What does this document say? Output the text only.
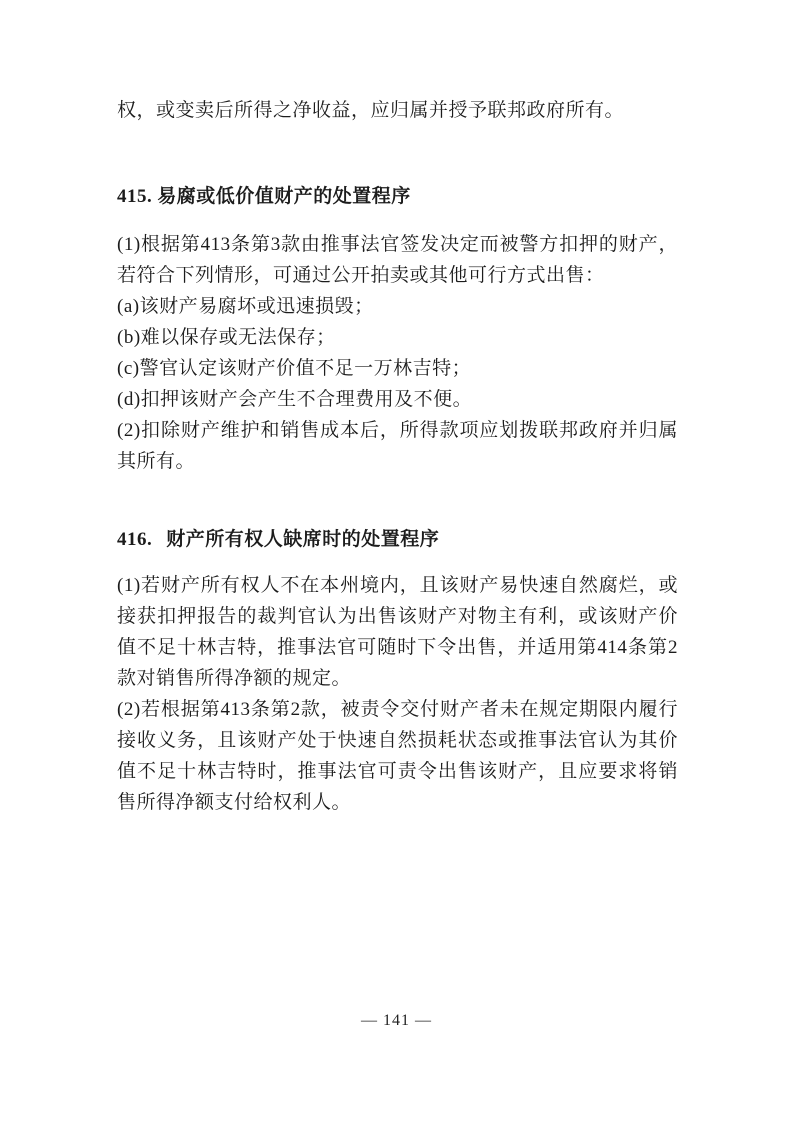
权，或变卖后所得之净收益，应归属并授予联邦政府所有。

415. 易腐或低价值财产的处置程序

(1)根据第413条第3款由推事法官签发决定而被警方扣押的财产，若符合下列情形，可通过公开拍卖或其他可行方式出售：

(a)该财产易腐坏或迅速损毁；

(b)难以保存或无法保存；

(c)警官认定该财产价值不足一万林吉特；

(d)扣押该财产会产生不合理费用及不便。

(2)扣除财产维护和销售成本后，所得款项应划拨联邦政府并归属其所有。

416. 财产所有权人缺席时的处置程序

(1)若财产所有权人不在本州境内，且该财产易快速自然腐烂，或接获扣押报告的裁判官认为出售该财产对物主有利，或该财产价值不足十林吉特，推事法官可随时下令出售，并适用第414条第2款对销售所得净额的规定。

(2)若根据第413条第2款，被责令交付财产者未在规定期限内履行接收义务，且该财产处于快速自然损耗状态或推事法官认为其价值不足十林吉特时，推事法官可责令出售该财产，且应要求将销售所得净额支付给权利人。

— 141 —
